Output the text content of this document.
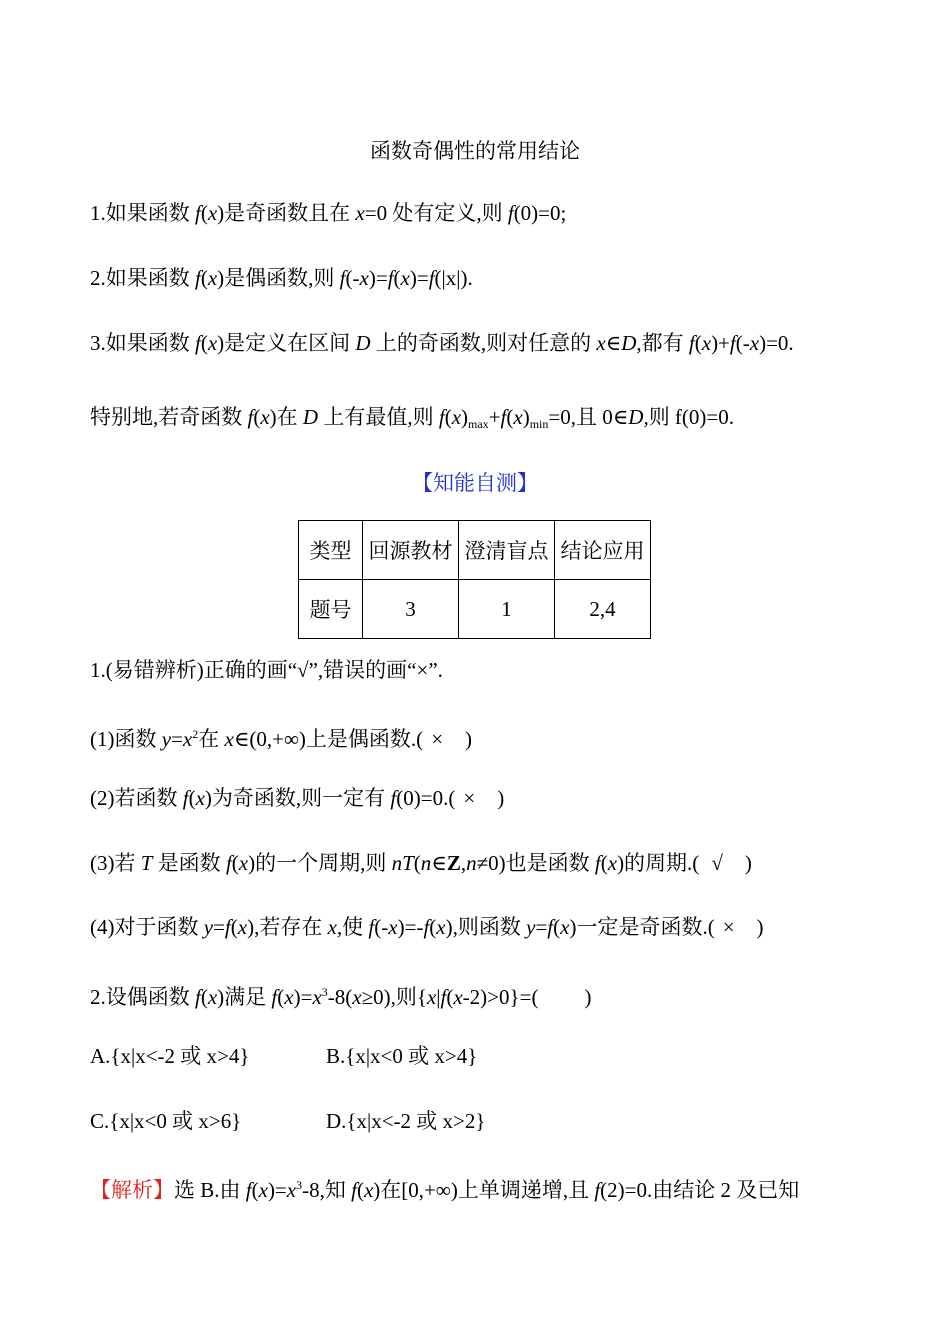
函数奇偶性的常用结论
1.如果函数 f(x)是奇函数且在 x=0 处有定义,则 f(0)=0;
2.如果函数 f(x)是偶函数,则 f(-x)=f(x)=f(|x|).
3.如果函数 f(x)是定义在区间 D 上的奇函数,则对任意的 x∈D,都有 f(x)+f(-x)=0.
特别地,若奇函数 f(x)在 D 上有最值,则 $f(x)_{max}+f(x)_{min}=0$,且 0∈D,则 f(0)=0.
【知能自测】
类型	回源教材	澄清盲点	结论应用
题号	3	1	2,4
1.(易错辨析)正确的画“√”,错误的画“×”.
(1)函数 $y=x^2$在 x∈(0,+∞)上是偶函数.( × )
(2)若函数 f(x)为奇函数,则一定有 f(0)=0.( × )
(3)若 T 是函数 f(x)的一个周期,则 nT(n∈Z,n≠0)也是函数 f(x)的周期.( √ )
(4)对于函数 y=f(x),若存在 x,使 f(-x)=-f(x),则函数 y=f(x)一定是奇函数.( × )
2.设偶函数 f(x)满足 $f(x)=x^3-8(x\ge 0)$,则{x|f(x-2)>0}=( )
A.{x|x<-2 或 x>4}	B.{x|x<0 或 x>4}
C.{x|x<0 或 x>6}	D.{x|x<-2 或 x>2}
【解析】选 B.由 $f(x)=x^3-8$,知 f(x)在[0,+∞)上单调递增,且 f(2)=0.由结论 2 及已知
